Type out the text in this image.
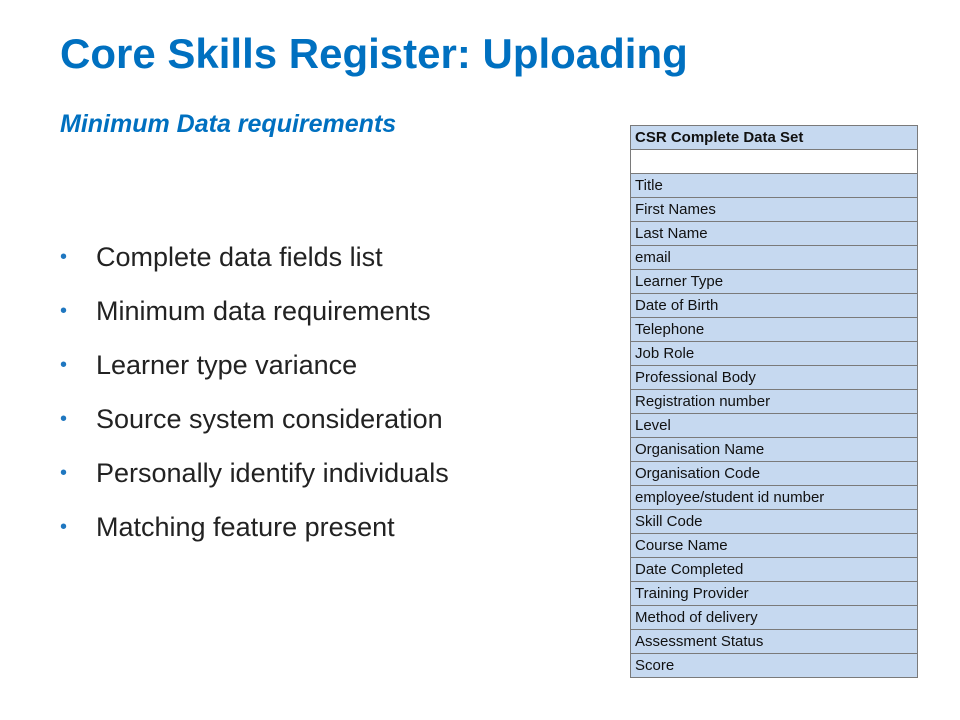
Core Skills Register: Uploading
Minimum Data requirements
•	Complete data fields list
•	Minimum data requirements
•	Learner type variance
•	Source system consideration
•	Personally identify individuals
•	Matching feature present
CSR Complete Data Set

Title
First Names
Last Name
email
Learner Type
Date of Birth
Telephone
Job Role
Professional Body
Registration number
Level
Organisation Name
Organisation Code
employee/student id number
Skill Code
Course Name
Date Completed
Training Provider
Method of delivery
Assessment Status
Score
